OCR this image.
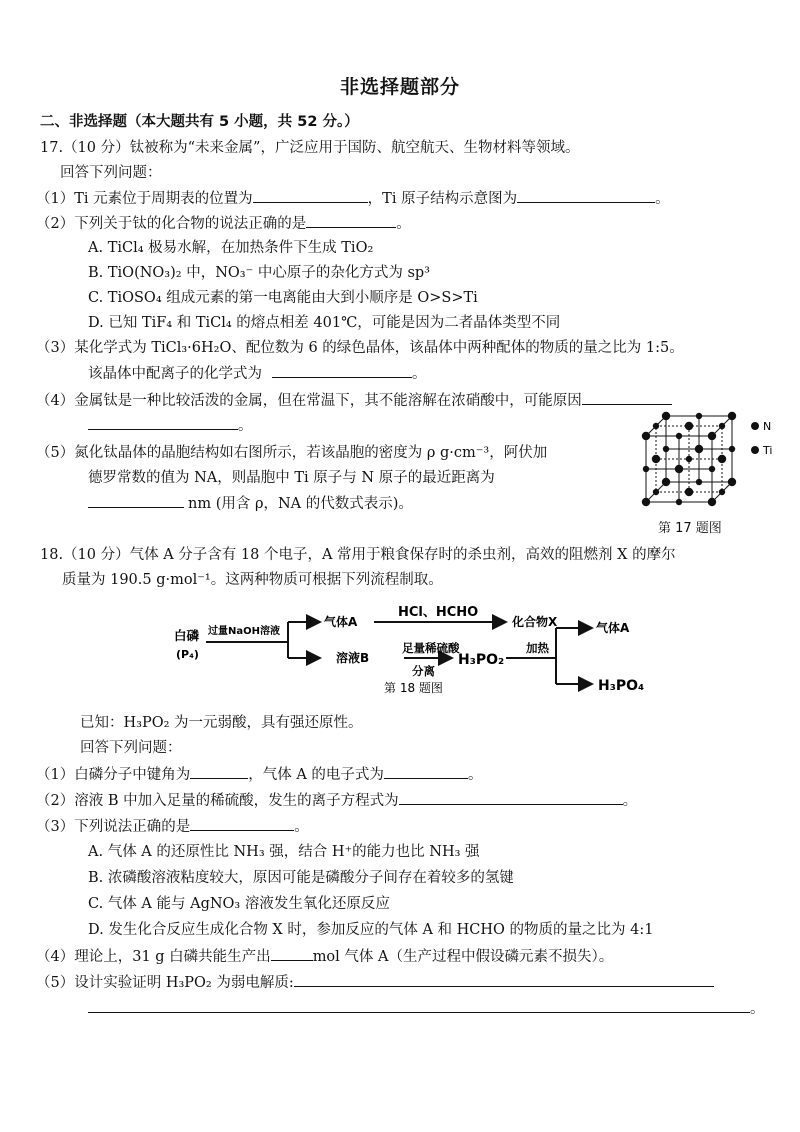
非选择题部分
二、非选择题（本大题共有 5 小题，共 52 分。）
17.（10 分）钛被称为“未来金属”，广泛应用于国防、航空航天、生物材料等领域。
回答下列问题：
（1）Ti 元素位于周期表的位置为	，Ti 原子结构示意图为	。
（2）下列关于钛的化合物的说法正确的是	。
A. TiCl₄ 极易水解，在加热条件下生成 TiO₂
B. TiO(NO₃)₂ 中，NO₃⁻ 中心原子的杂化方式为 sp³
C. TiOSO₄ 组成元素的第一电离能由大到小顺序是 O>S>Ti
D. 已知 TiF₄ 和 TiCl₄ 的熔点相差 401℃，可能是因为二者晶体类型不同
（3）某化学式为 TiCl₃·6H₂O、配位数为 6 的绿色晶体，该晶体中两种配体的物质的量之比为 1:5。
该晶体中配离子的化学式为	。
（4）金属钛是一种比较活泼的金属，但在常温下，其不能溶解在浓硝酸中，可能原因
。
（5）氮化钛晶体的晶胞结构如右图所示，若该晶胞的密度为 ρ g·cm⁻³，阿伏加
德罗常数的值为 NA，则晶胞中 Ti 原子与 N 原子的最近距离为
nm (用含 ρ，NA 的代数式表示)。
N
Ti
第 17 题图
18.（10 分）气体 A 分子含有 18 个电子，A 常用于粮食保存时的杀虫剂，高效的阻燃剂 X 的摩尔
质量为 190.5 g·mol⁻¹。这两种物质可根据下列流程制取。
白磷
(P₄)
过量NaOH溶液
气体A
HCl、HCHO
化合物X
溶液B
足量稀硫酸
分离
H₃PO₂
加热
气体A
H₃PO₄
第 18 题图
已知：H₃PO₂ 为一元弱酸，具有强还原性。
回答下列问题：
（1）白磷分子中键角为	，气体 A 的电子式为	。
（2）溶液 B 中加入足量的稀硫酸，发生的离子方程式为	。
（3）下列说法正确的是	。
A. 气体 A 的还原性比 NH₃ 强，结合 H⁺的能力也比 NH₃ 强
B. 浓磷酸溶液粘度较大，原因可能是磷酸分子间存在着较多的氢键
C. 气体 A 能与 AgNO₃ 溶液发生氧化还原反应
D. 发生化合反应生成化合物 X 时，参加反应的气体 A 和 HCHO 的物质的量之比为 4:1
（4）理论上，31 g 白磷共能生产出	mol 气体 A（生产过程中假设磷元素不损失）。
（5）设计实验证明 H₃PO₂ 为弱电解质:
。
